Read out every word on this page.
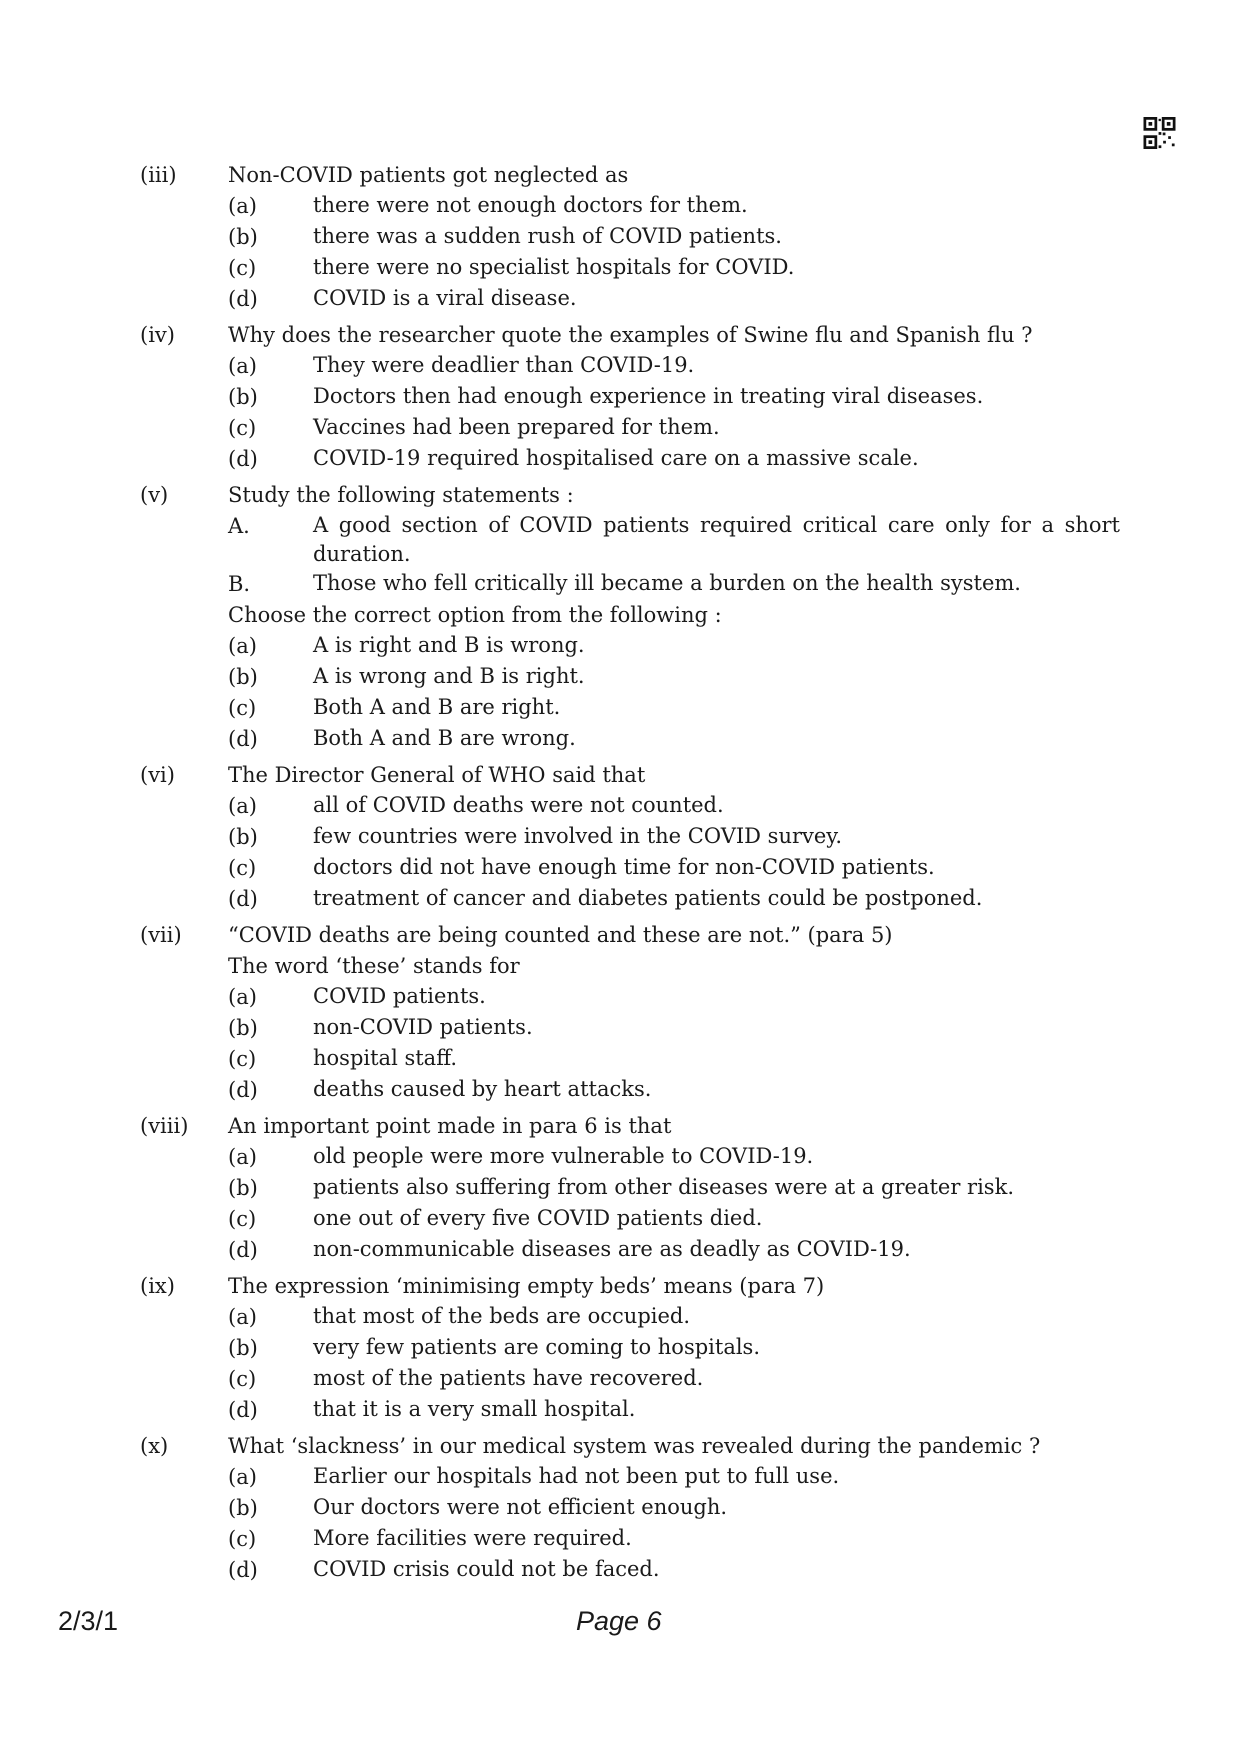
(iii) Non-COVID patients got neglected as
(a)	there were not enough doctors for them.
(b)	there was a sudden rush of COVID patients.
(c)	there were no specialist hospitals for COVID.
(d)	COVID is a viral disease.
(iv)	Why does the researcher quote the examples of Swine flu and Spanish flu ?
(a)	They were deadlier than COVID-19.
(b)	Doctors then had enough experience in treating viral diseases.
(c)	Vaccines had been prepared for them.
(d)	COVID-19 required hospitalised care on a massive scale.
(v)	Study the following statements :
A.	A good section of COVID patients required critical care only for a short duration.
B.	Those who fell critically ill became a burden on the health system.
Choose the correct option from the following :
(a)	A is right and B is wrong.
(b)	A is wrong and B is right.
(c)	Both A and B are right.
(d)	Both A and B are wrong.
(vi)	The Director General of WHO said that
(a)	all of COVID deaths were not counted.
(b)	few countries were involved in the COVID survey.
(c)	doctors did not have enough time for non-COVID patients.
(d)	treatment of cancer and diabetes patients could be postponed.
(vii) “COVID deaths are being counted and these are not.” (para 5)
The word ‘these’ stands for
(a)	COVID patients.
(b)	non-COVID patients.
(c)	hospital staff.
(d)	deaths caused by heart attacks.
(viii) An important point made in para 6 is that
(a)	old people were more vulnerable to COVID-19.
(b)	patients also suffering from other diseases were at a greater risk.
(c)	one out of every five COVID patients died.
(d)	non-communicable diseases are as deadly as COVID-19.
(ix)	The expression ‘minimising empty beds’ means (para 7)
(a)	that most of the beds are occupied.
(b)	very few patients are coming to hospitals.
(c)	most of the patients have recovered.
(d)	that it is a very small hospital.
(x)	What ‘slackness’ in our medical system was revealed during the pandemic ?
(a)	Earlier our hospitals had not been put to full use.
(b)	Our doctors were not efficient enough.
(c)	More facilities were required.
(d)	COVID crisis could not be faced.
2/3/1	Page 6
